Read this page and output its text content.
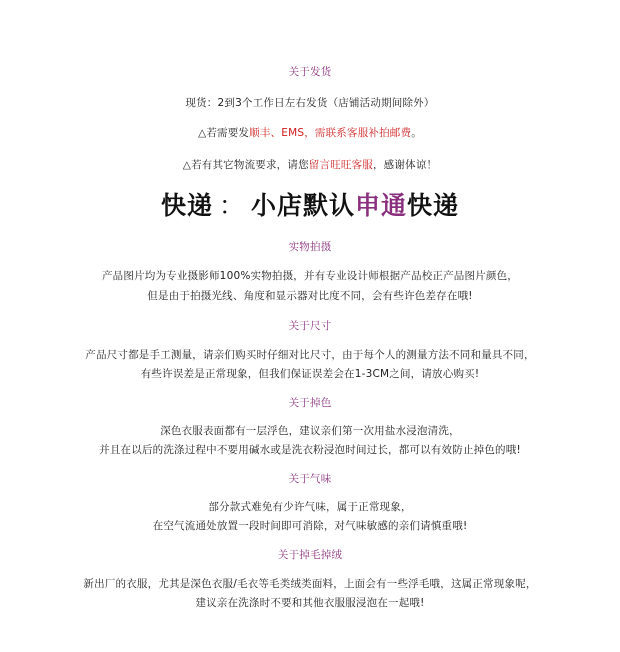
关于发货
现货：2到3个工作日左右发货（店铺活动期间除外）
△若需要发顺丰、EMS，需联系客服补拍邮费。
△若有其它物流要求，请您留言旺旺客服，感谢体谅！
快递 ： 小店默认申通快递
实物拍摄
产品图片均为专业摄影师100%实物拍摄，并有专业设计师根据产品校正产品图片颜色，
但是由于拍摄光线、角度和显示器对比度不同，会有些许色差存在哦!
关于尺寸
产品尺寸都是手工测量，请亲们购买时仔细对比尺寸，由于每个人的测量方法不同和量具不同，
有些许误差是正常现象，但我们保证误差会在1-3CM之间，请放心购买!
关于掉色
深色衣服表面都有一层浮色，建议亲们第一次用盐水浸泡清洗，
并且在以后的洗涤过程中不要用碱水或是洗衣粉浸泡时间过长，都可以有效防止掉色的哦!
关于气味
部分款式难免有少许气味，属于正常现象，
在空气流通处放置一段时间即可消除，对气味敏感的亲们请慎重哦!
关于掉毛掉绒
新出厂的衣服，尤其是深色衣服/毛衣等毛类绒类面料，上面会有一些浮毛哦，这属正常现象呢，
建议亲在洗涤时不要和其他衣服服浸泡在一起哦!
